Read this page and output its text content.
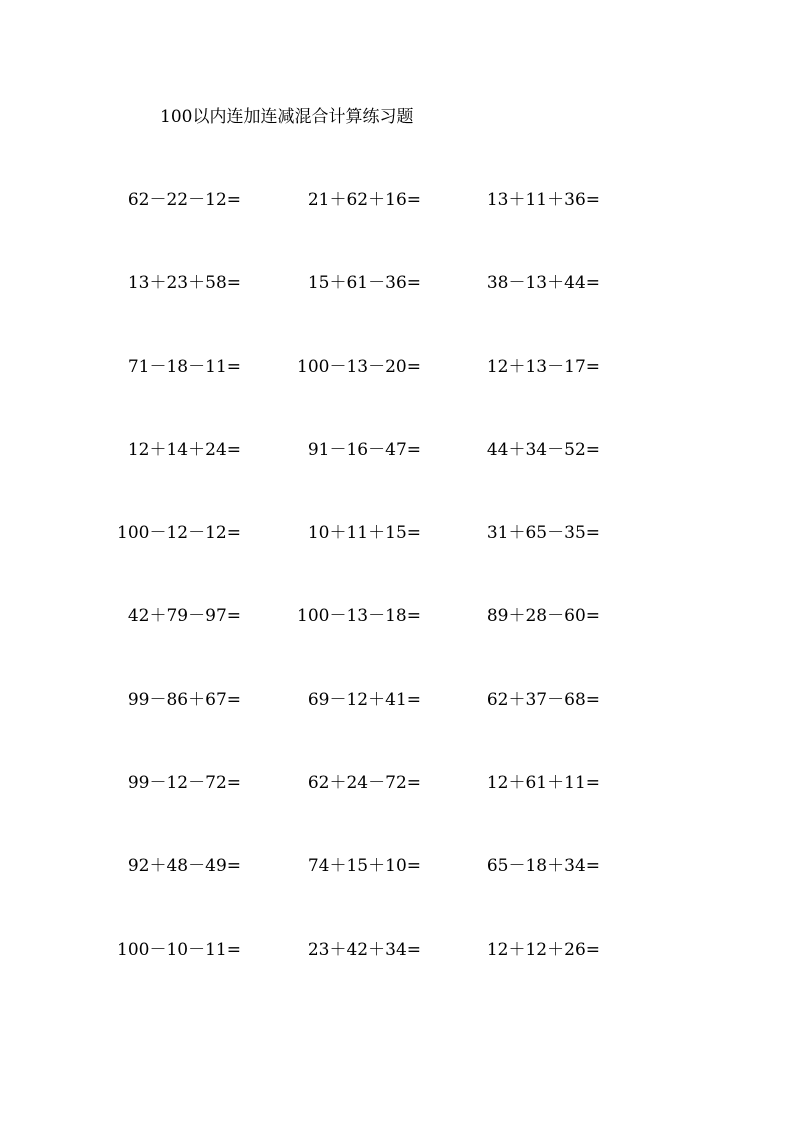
100以内连加连减混合计算练习题
62－22－12=	21＋62＋16=	13＋11＋36=
13＋23＋58=	15＋61－36=	38－13＋44=
71－18－11=	100－13－20=	12＋13－17=
12＋14＋24=	91－16－47=	44＋34－52=
100－12－12=	10＋11＋15=	31＋65－35=
42＋79－97=	100－13－18=	89＋28－60=
99－86＋67=	69－12＋41=	62＋37－68=
99－12－72=	62＋24－72=	12＋61＋11=
92＋48－49=	74＋15＋10=	65－18＋34=
100－10－11=	23＋42＋34=	12＋12＋26=
